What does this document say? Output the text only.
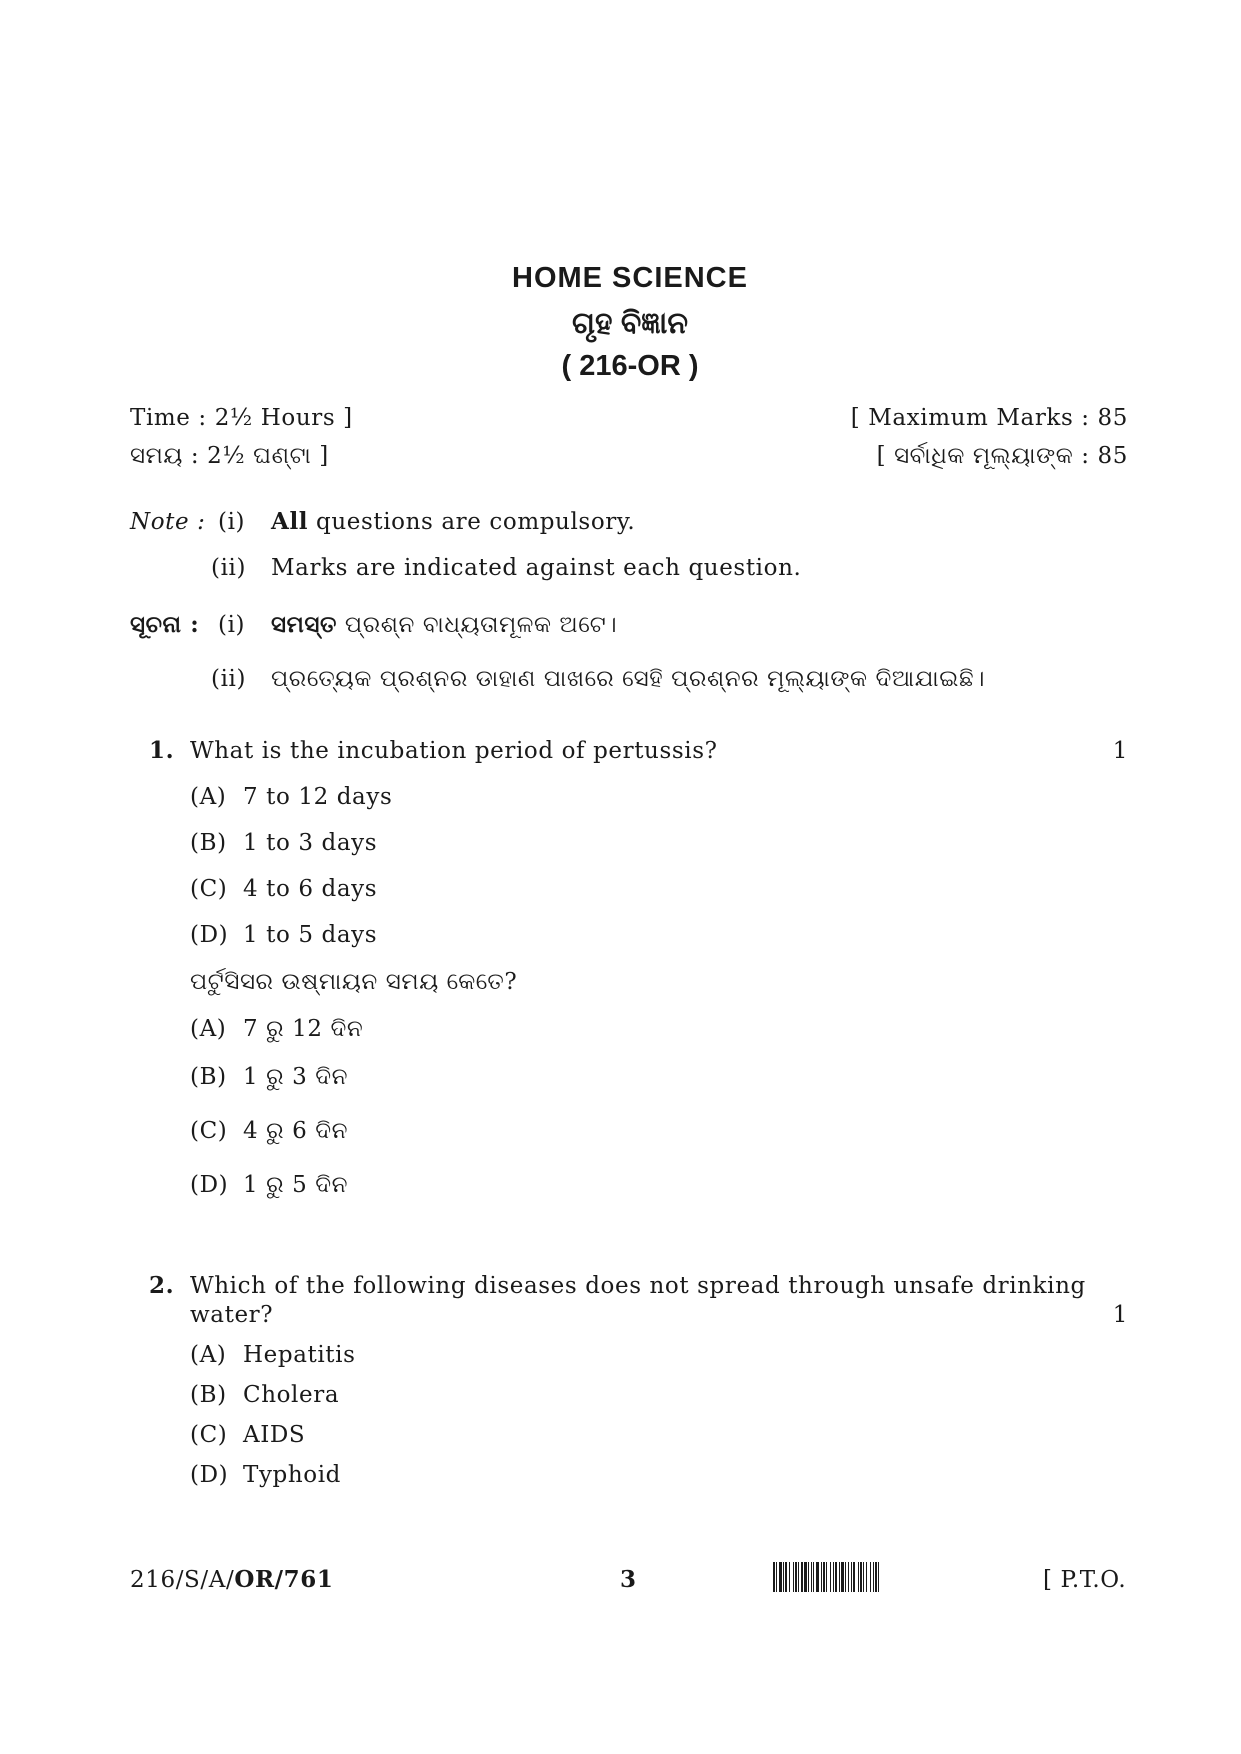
HOME SCIENCE
ଗୃହ ବିଜ୍ଞାନ
( 216-OR )
Time : 2½ Hours ]	[ Maximum Marks : 85
ସମୟ : 2½ ଘଣ୍ଟା ]	[ ସର୍ବାଧିକ ମୂଲ୍ୟାଙ୍କ : 85
Note : (i) All questions are compulsory.
(ii) Marks are indicated against each question.
ସୂଚନା : (i) ସମସ୍ତ ପ୍ରଶ୍ନ ବାଧ୍ୟତାମୂଳକ ଅଟେ।
(ii) ପ୍ରତ୍ୟେକ ପ୍ରଶ୍ନର ଡାହାଣ ପାଖରେ ସେହି ପ୍ରଶ୍ନର ମୂଲ୍ୟାଙ୍କ ଦିଆଯାଇଛି।
1. What is the incubation period of pertussis?	1
(A) 7 to 12 days
(B) 1 to 3 days
(C) 4 to 6 days
(D) 1 to 5 days
ପର୍ଟୁସିସର ଉଷ୍ମାୟନ ସମୟ କେତେ?
(A) 7 ରୁ 12 ଦିନ
(B) 1 ରୁ 3 ଦିନ
(C) 4 ରୁ 6 ଦିନ
(D) 1 ରୁ 5 ଦିନ
2. Which of the following diseases does not spread through unsafe drinking
water?	1
(A) Hepatitis
(B) Cholera
(C) AIDS
(D) Typhoid
216/S/A/OR/761	3	[ P.T.O.
